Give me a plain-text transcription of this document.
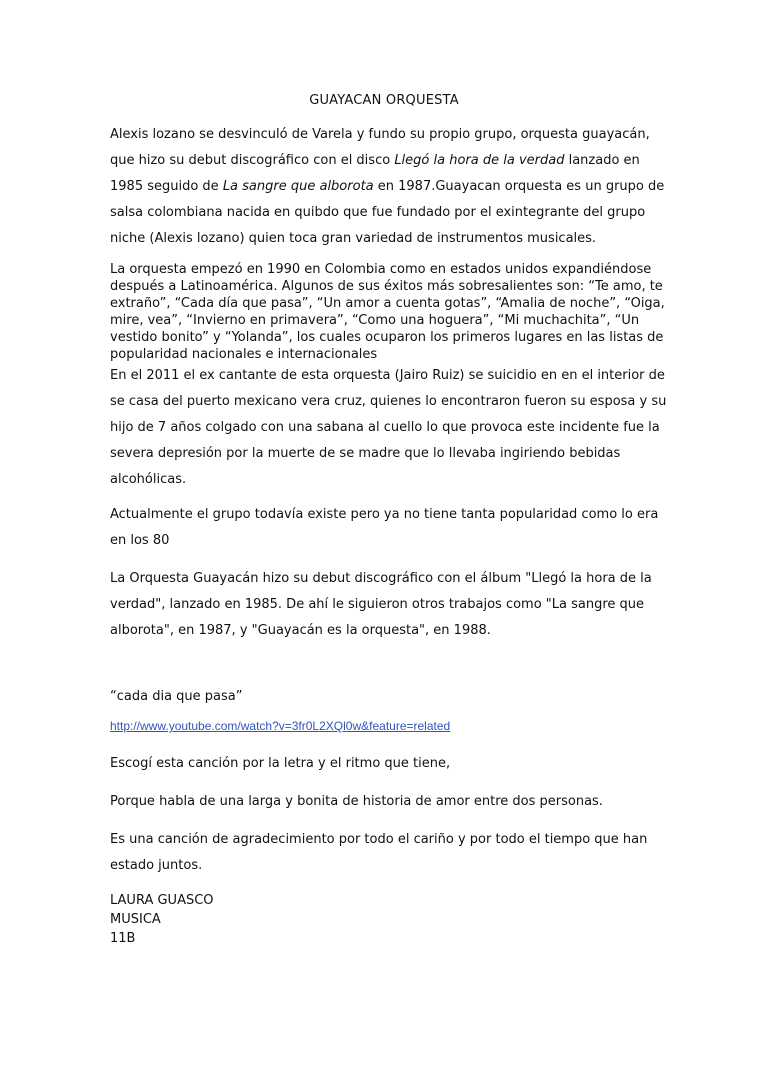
GUAYACAN ORQUESTA

Alexis lozano se desvinculó de Varela y fundo su propio grupo, orquesta guayacán, que hizo su debut discográfico con el disco Llegó la hora de la verdad lanzado en 1985 seguido de La sangre que alborota en 1987.Guayacan orquesta es un grupo de salsa colombiana nacida en quibdo que fue fundado por el exintegrante del grupo niche (Alexis lozano) quien toca gran variedad de instrumentos musicales.

La orquesta empezó en 1990 en Colombia como en estados unidos expandiéndose después a Latinoamérica. Algunos de sus éxitos más sobresalientes son: “Te amo, te extraño”, “Cada día que pasa”, “Un amor a cuenta gotas”, “Amalia de noche”, “Oiga, mire, vea”, “Invierno en primavera”, “Como una hoguera”, “Mi muchachita”, “Un vestido bonito” y “Yolanda”, los cuales ocuparon los primeros lugares en las listas de popularidad nacionales e internacionales

En el 2011 el ex cantante de esta orquesta (Jairo Ruiz) se suicidio en en el interior de se casa del puerto mexicano vera cruz, quienes lo encontraron fueron su esposa y su hijo de 7 años colgado con una sabana al cuello lo que provoca este incidente fue la severa depresión por la muerte de se madre que lo llevaba ingiriendo bebidas alcohólicas.

Actualmente el grupo todavía existe pero ya no tiene tanta popularidad como lo era en los 80

La Orquesta Guayacán hizo su debut discográfico con el álbum "Llegó la hora de la verdad", lanzado en 1985. De ahí le siguieron otros trabajos como "La sangre que alborota", en 1987, y "Guayacán es la orquesta", en 1988.

“cada dia que pasa”

http://www.youtube.com/watch?v=3fr0L2XQl0w&feature=related

Escogí esta canción por la letra y el ritmo que tiene,

Porque habla de una larga y bonita de historia de amor entre dos personas.

Es una canción de agradecimiento por todo el cariño y por todo el tiempo que han estado juntos.

LAURA GUASCO
MUSICA
11B
